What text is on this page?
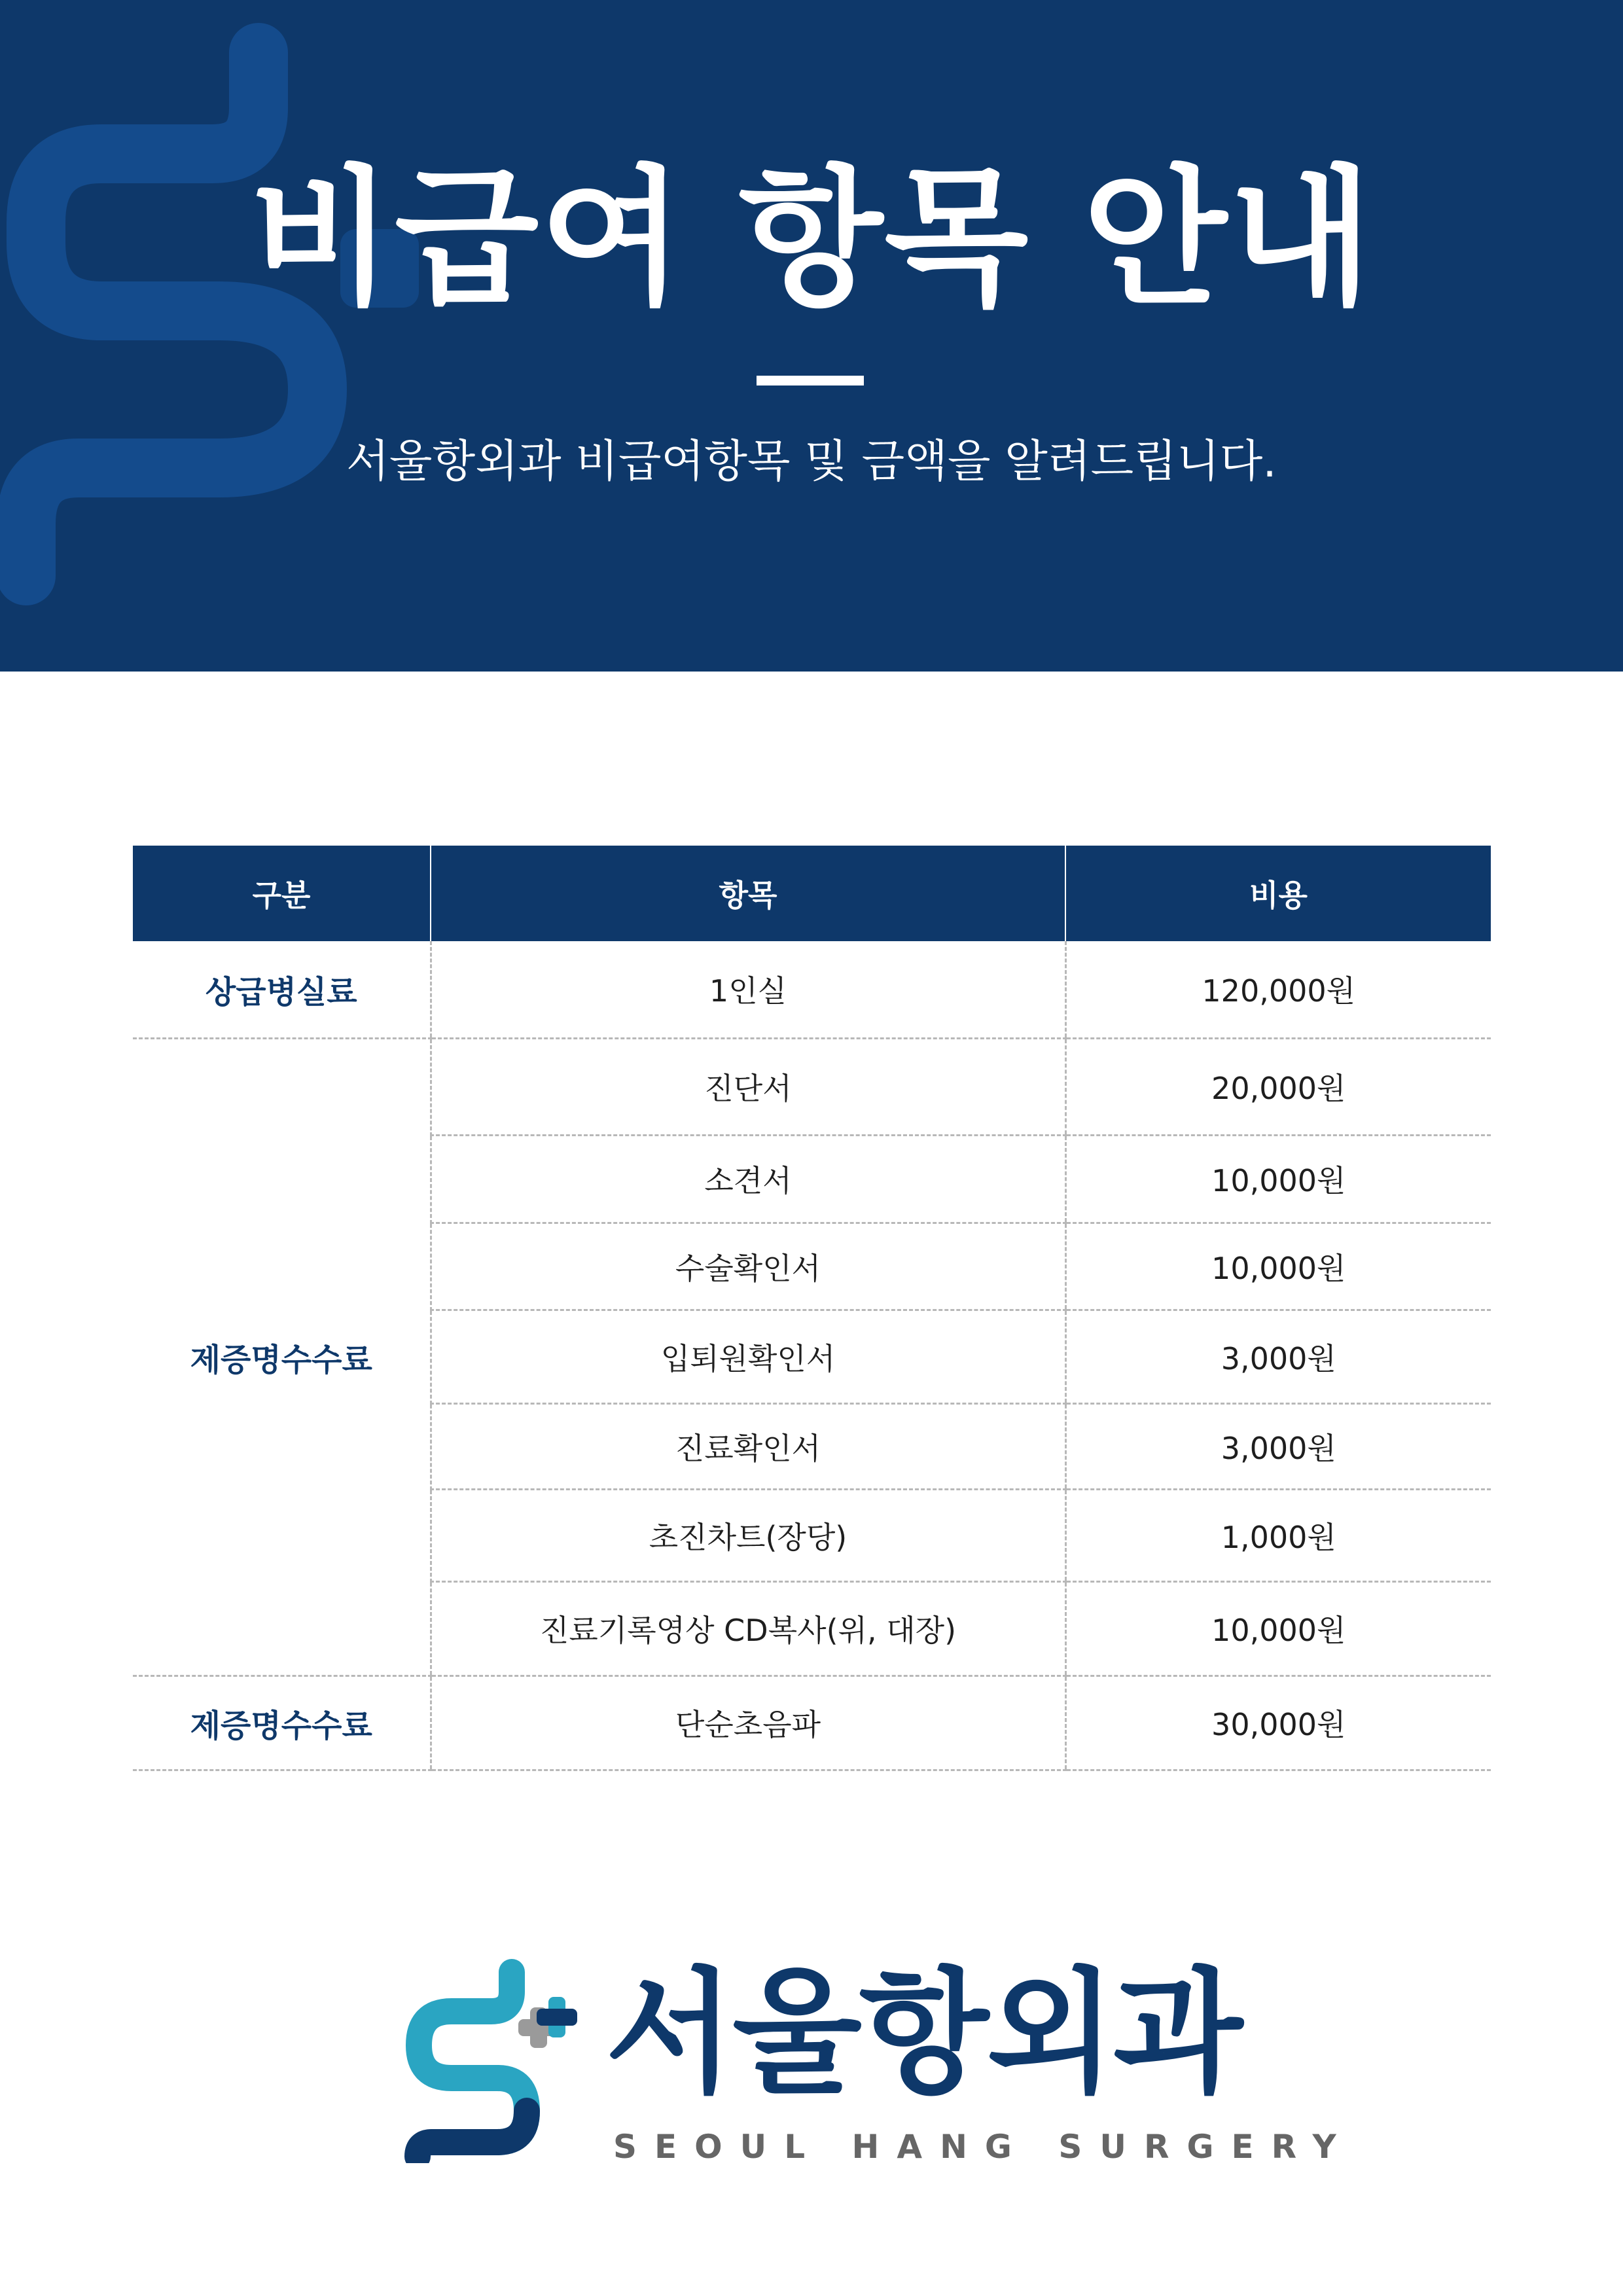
비급여 항목 안내
서울항외과 비급여항목 및 금액을 알려드립니다.
구분	항목	비용
상급병실료	1인실	120,000원
제증명수수료	진단서	20,000원
	소견서	10,000원
	수술확인서	10,000원
	입퇴원확인서	3,000원
	진료확인서	3,000원
	초진차트(장당)	1,000원
	진료기록영상 CD복사(위, 대장)	10,000원
제증명수수료	단순초음파	30,000원
서울항외과
SEOUL HANG SURGERY
